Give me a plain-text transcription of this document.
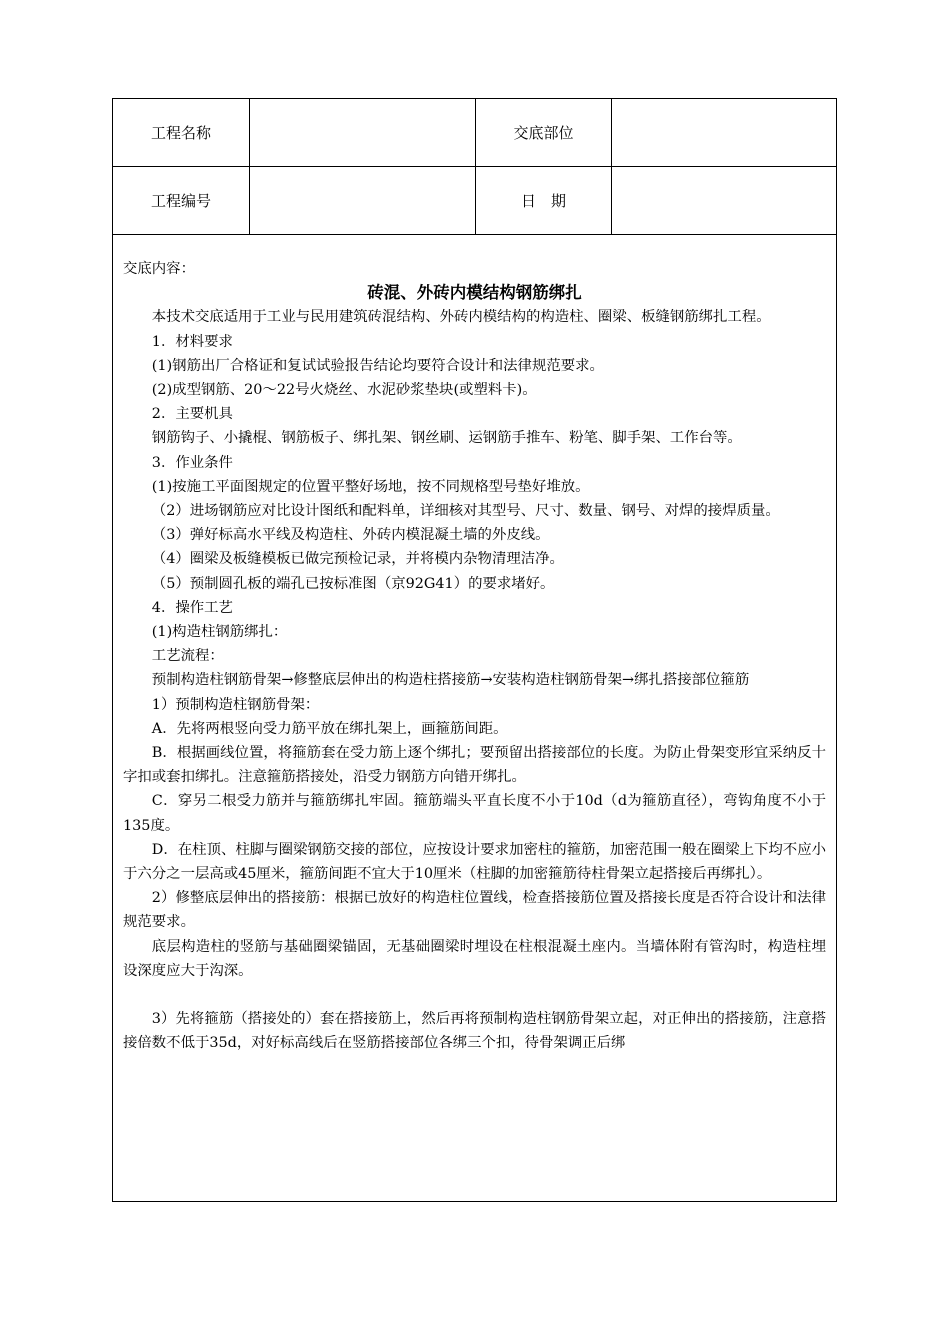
工程名称	交底部位
工程编号	日　期

交底内容：

砖混、外砖内模结构钢筋绑扎

本技术交底适用于工业与民用建筑砖混结构、外砖内模结构的构造柱、圈梁、板缝钢筋绑扎工程。

1．材料要求

(1)钢筋出厂合格证和复试试验报告结论均要符合设计和法律规范要求。

(2)成型钢筋、20～22号火烧丝、水泥砂浆垫块(或塑料卡)。

2．主要机具

钢筋钩子、小撬棍、钢筋板子、绑扎架、钢丝刷、运钢筋手推车、粉笔、脚手架、工作台等。

3．作业条件

(1)按施工平面图规定的位置平整好场地，按不同规格型号垫好堆放。

（2）进场钢筋应对比设计图纸和配料单，详细核对其型号、尺寸、数量、钢号、对焊的接焊质量。

（3）弹好标高水平线及构造柱、外砖内模混凝土墙的外皮线。

（4）圈梁及板缝模板已做完预检记录，并将模内杂物清理洁净。

（5）预制圆孔板的端孔已按标准图（京92G41）的要求堵好。

4．操作工艺

(1)构造柱钢筋绑扎：

工艺流程：

预制构造柱钢筋骨架→修整底层伸出的构造柱搭接筋→安装构造柱钢筋骨架→绑扎搭接部位箍筋

1）预制构造柱钢筋骨架：

A．先将两根竖向受力筋平放在绑扎架上，画箍筋间距。

B．根据画线位置，将箍筋套在受力筋上逐个绑扎；要预留出搭接部位的长度。为防止骨架变形宜采纳反十字扣或套扣绑扎。注意箍筋搭接处，沿受力钢筋方向错开绑扎。

C．穿另二根受力筋并与箍筋绑扎牢固。箍筋端头平直长度不小于10d（d为箍筋直径），弯钩角度不小于135度。

D．在柱顶、柱脚与圈梁钢筋交接的部位，应按设计要求加密柱的箍筋，加密范围一般在圈梁上下均不应小于六分之一层高或45厘米，箍筋间距不宜大于10厘米（柱脚的加密箍筋待柱骨架立起搭接后再绑扎）。

2）修整底层伸出的搭接筋：根据已放好的构造柱位置线，检查搭接筋位置及搭接长度是否符合设计和法律规范要求。

底层构造柱的竖筋与基础圈梁锚固，无基础圈梁时埋设在柱根混凝土座内。当墙体附有管沟时，构造柱埋设深度应大于沟深。

3）先将箍筋（搭接处的）套在搭接筋上，然后再将预制构造柱钢筋骨架立起，对正伸出的搭接筋，注意搭接倍数不低于35d，对好标高线后在竖筋搭接部位各绑三个扣，待骨架调正后绑
